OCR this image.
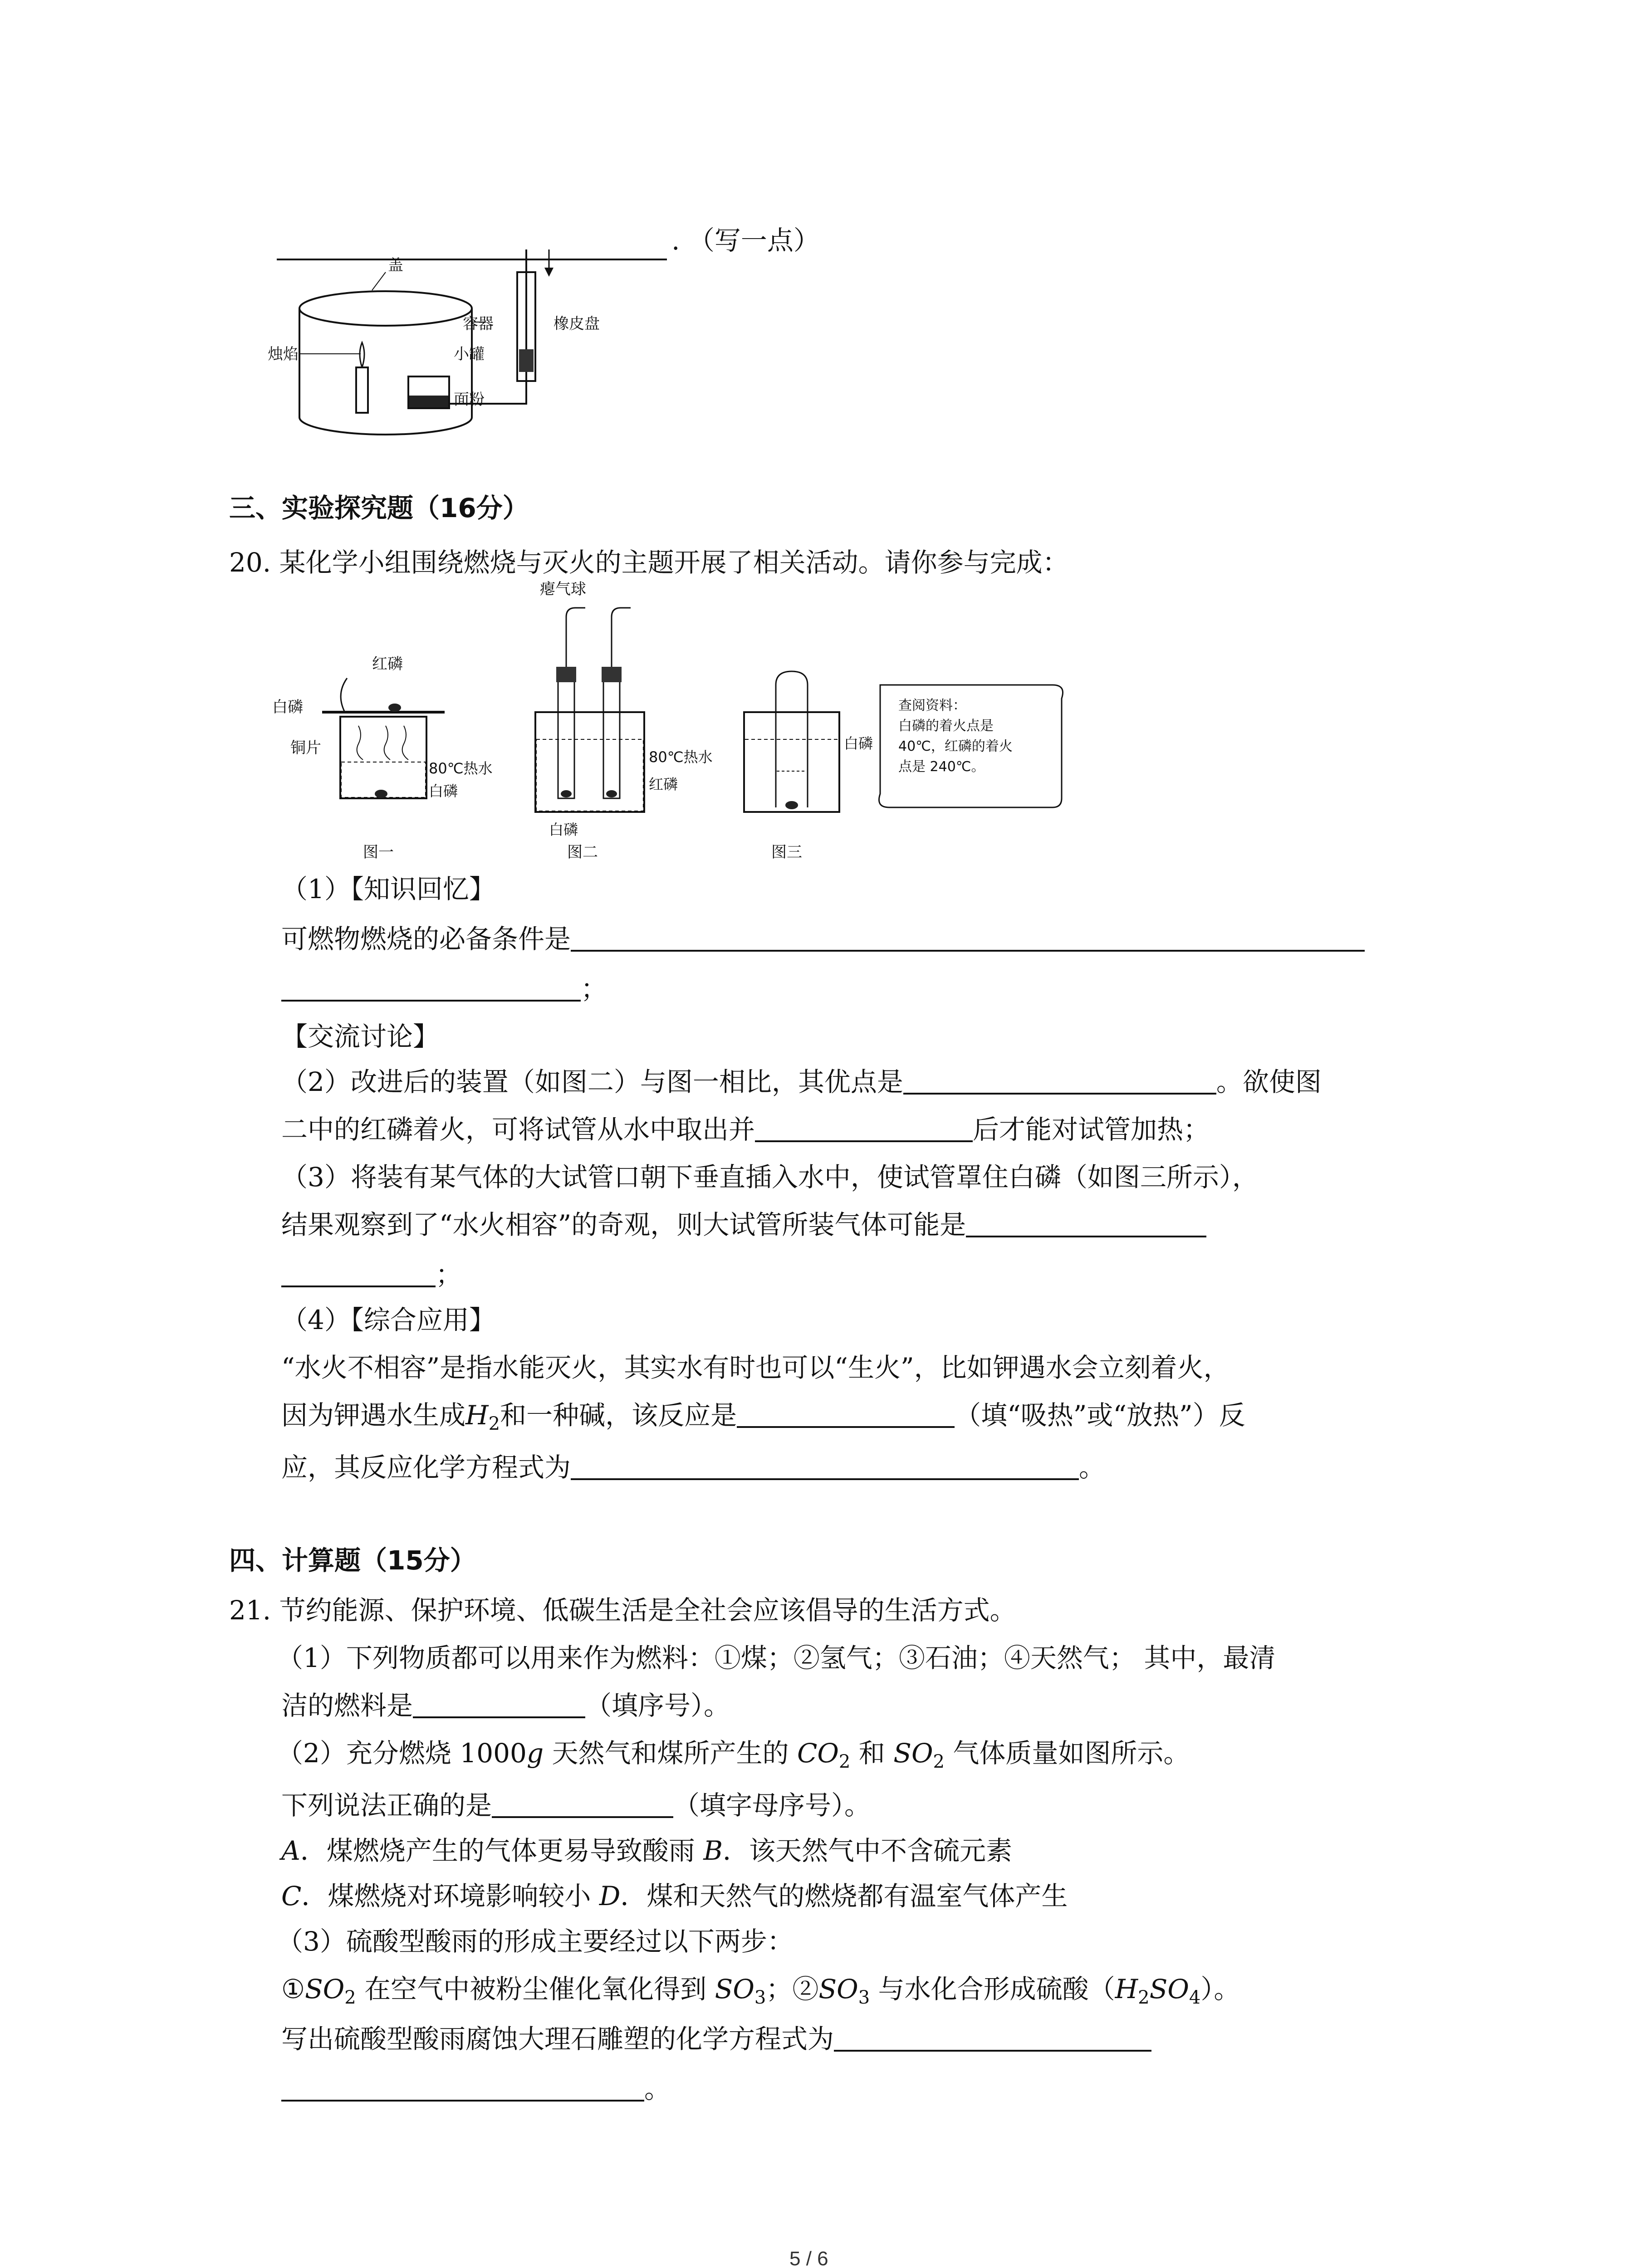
. （写一点）
盖
容器
烛焰	小罐
面粉
橡皮盘
三、实验探究题（16分）
20. 某化学小组围绕燃烧与灭火的主题开展了相关活动。请你参与完成：
红磷
白磷
铜片
80℃热水
白磷
图一
瘪气球
80℃热水
红磷
白磷
图二
白磷
图三
查阅资料：
白磷的着火点是
40℃，红磷的着火
点是 240℃。
（1）【知识回忆】
可燃物燃烧的必备条件是
；
【交流讨论】
（2）改进后的装置（如图二）与图一相比，其优点是	。欲使图
二中的红磷着火，可将试管从水中取出并	后才能对试管加热；
（3）将装有某气体的大试管口朝下垂直插入水中，使试管罩住白磷（如图三所示），
结果观察到了“水火相容”的奇观，则大试管所装气体可能是
；
（4）【综合应用】
“水火不相容”是指水能灭火，其实水有时也可以“生火”，比如钾遇水会立刻着火，
因为钾遇水生成$H_2$和一种碱，该反应是	（填“吸热”或“放热”）反
应，其反应化学方程式为	。
四、计算题（15分）
21. 节约能源、保护环境、低碳生活是全社会应该倡导的生活方式。
（1）下列物质都可以用来作为燃料：①煤；②氢气；③石油；④天然气； 其中，最清
洁的燃料是	（填序号）。
（2）充分燃烧 1000g 天然气和煤所产生的 $CO_2$ 和 $SO_2$ 气体质量如图所示。
下列说法正确的是	（填字母序号）。
A．煤燃烧产生的气体更易导致酸雨 B．该天然气中不含硫元素
C．煤燃烧对环境影响较小 D．煤和天然气的燃烧都有温室气体产生
（3）硫酸型酸雨的形成主要经过以下两步：
$①SO_2$ 在空气中被粉尘催化氧化得到 $SO_3$；$②SO_3$ 与水化合形成硫酸$(H_2SO_4)$。
写出硫酸型酸雨腐蚀大理石雕塑的化学方程式为
。
5 / 6
